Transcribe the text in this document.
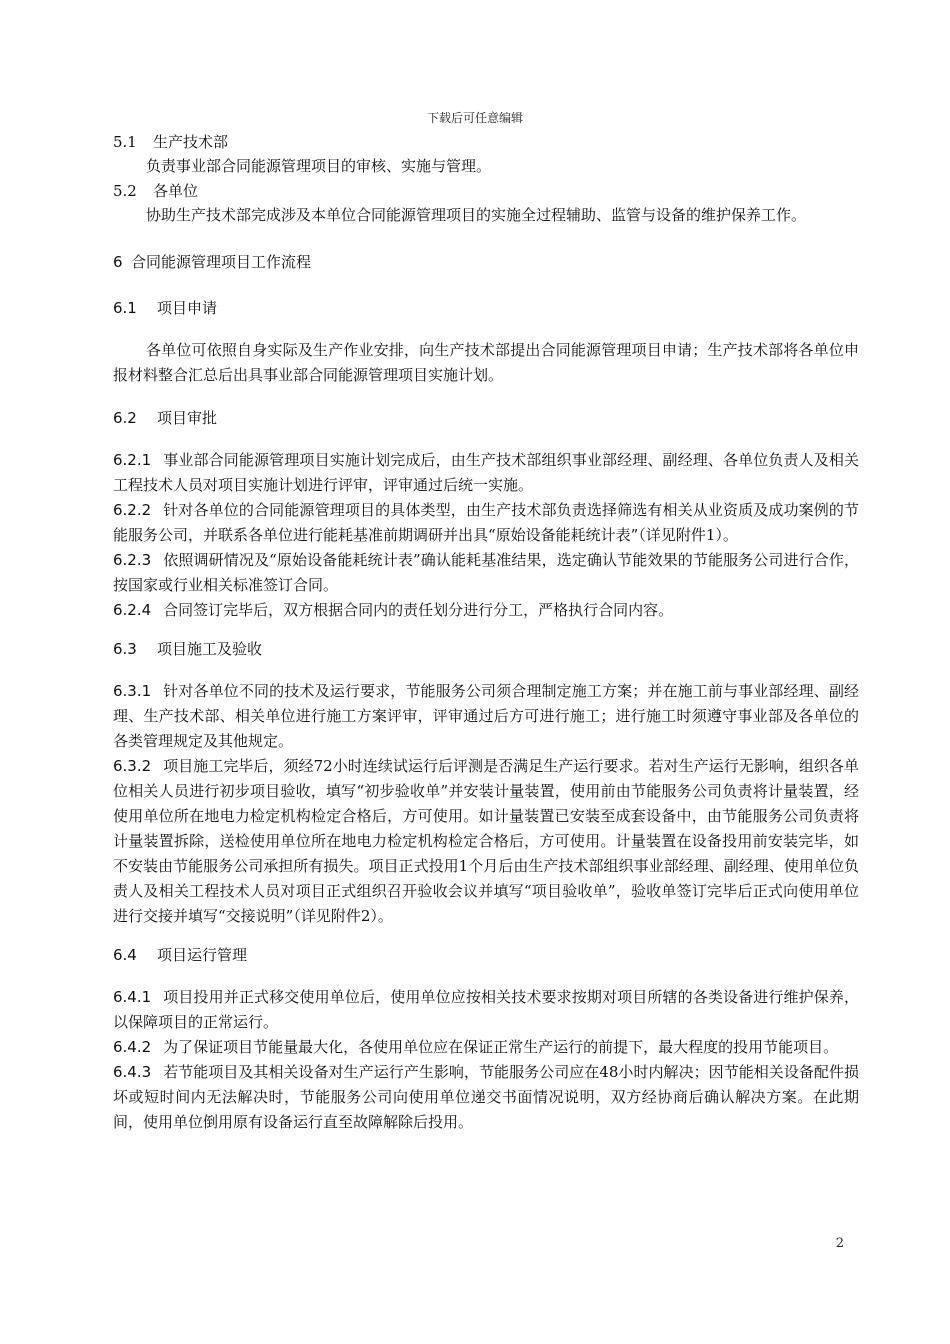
下载后可任意编辑

5.1 生产技术部

负责事业部合同能源管理项目的审核、实施与管理。

5.2 各单位

协助生产技术部完成涉及本单位合同能源管理项目的实施全过程辅助、监管与设备的维护保养工作。

6 合同能源管理项目工作流程

6.1 项目申请

各单位可依照自身实际及生产作业安排，向生产技术部提出合同能源管理项目申请；生产技术部将各单位申报材料整合汇总后出具事业部合同能源管理项目实施计划。

6.2 项目审批

6.2.1 事业部合同能源管理项目实施计划完成后，由生产技术部组织事业部经理、副经理、各单位负责人及相关工程技术人员对项目实施计划进行评审，评审通过后统一实施。

6.2.2 针对各单位的合同能源管理项目的具体类型，由生产技术部负责选择筛选有相关从业资质及成功案例的节能服务公司，并联系各单位进行能耗基准前期调研并出具“原始设备能耗统计表”（详见附件1）。

6.2.3 依照调研情况及“原始设备能耗统计表”确认能耗基准结果，选定确认节能效果的节能服务公司进行合作，按国家或行业相关标准签订合同。

6.2.4 合同签订完毕后，双方根据合同内的责任划分进行分工，严格执行合同内容。

6.3 项目施工及验收

6.3.1 针对各单位不同的技术及运行要求，节能服务公司须合理制定施工方案；并在施工前与事业部经理、副经理、生产技术部、相关单位进行施工方案评审，评审通过后方可进行施工；进行施工时须遵守事业部及各单位的各类管理规定及其他规定。

6.3.2 项目施工完毕后，须经72小时连续试运行后评测是否满足生产运行要求。若对生产运行无影响，组织各单位相关人员进行初步项目验收，填写“初步验收单”并安装计量装置，使用前由节能服务公司负责将计量装置，经使用单位所在地电力检定机构检定合格后，方可使用。如计量装置已安装至成套设备中，由节能服务公司负责将计量装置拆除，送检使用单位所在地电力检定机构检定合格后，方可使用。计量装置在设备投用前安装完毕，如不安装由节能服务公司承担所有损失。项目正式投用1个月后由生产技术部组织事业部经理、副经理、使用单位负责人及相关工程技术人员对项目正式组织召开验收会议并填写“项目验收单”，验收单签订完毕后正式向使用单位进行交接并填写“交接说明”（详见附件2）。

6.4 项目运行管理

6.4.1 项目投用并正式移交使用单位后，使用单位应按相关技术要求按期对项目所辖的各类设备进行维护保养，以保障项目的正常运行。

6.4.2 为了保证项目节能量最大化，各使用单位应在保证正常生产运行的前提下，最大程度的投用节能项目。

6.4.3 若节能项目及其相关设备对生产运行产生影响，节能服务公司应在48小时内解决；因节能相关设备配件损坏或短时间内无法解决时，节能服务公司向使用单位递交书面情况说明，双方经协商后确认解决方案。在此期间，使用单位倒用原有设备运行直至故障解除后投用。

2
